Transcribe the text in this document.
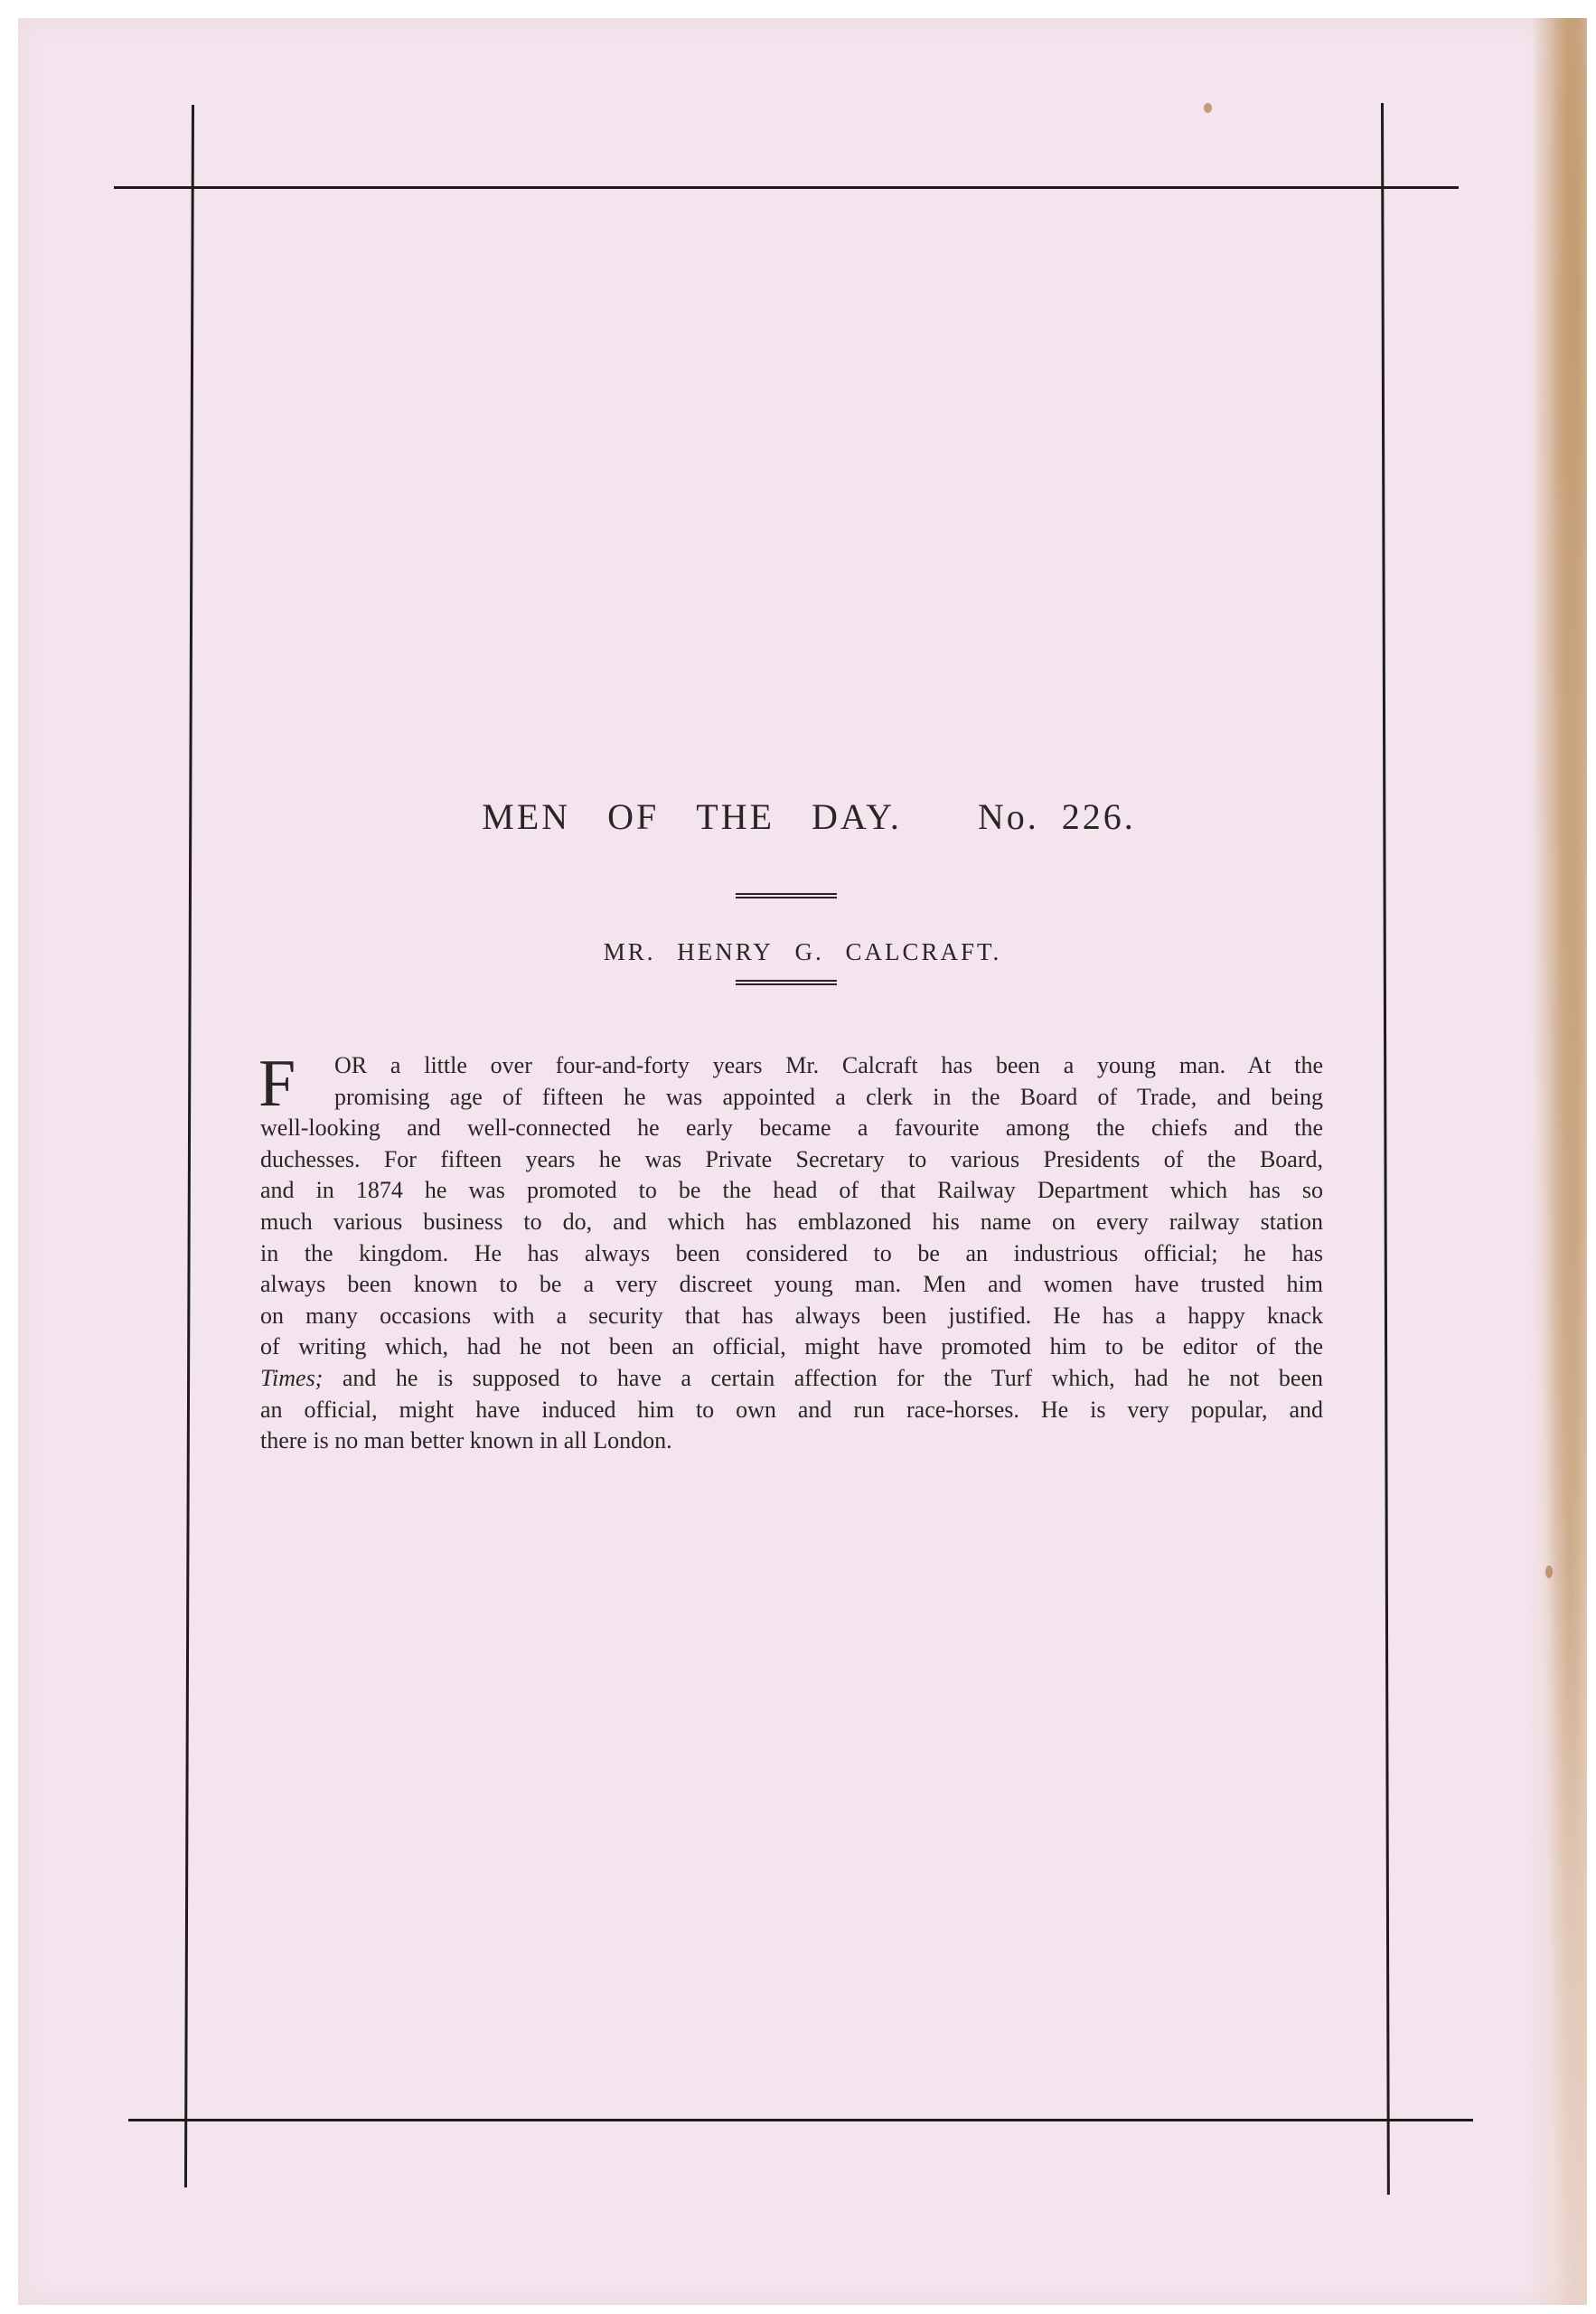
MEN OF THE DAY. No. 226.
MR. HENRY G. CALCRAFT.
F	OR a little over four-and-forty years Mr. Calcraft has been a young man. At the
promising age of fifteen he was appointed a clerk in the Board of Trade, and being
well-looking and well-connected he early became a favourite among the chiefs and the
duchesses. For fifteen years he was Private Secretary to various Presidents of the Board,
and in 1874 he was promoted to be the head of that Railway Department which has so
much various business to do, and which has emblazoned his name on every railway station
in the kingdom. He has always been considered to be an industrious official; he has
always been known to be a very discreet young man. Men and women have trusted him
on many occasions with a security that has always been justified. He has a happy knack
of writing which, had he not been an official, might have promoted him to be editor of the
Times; and he is supposed to have a certain affection for the Turf which, had he not been
an official, might have induced him to own and run race-horses. He is very popular, and
there is no man better known in all London.
